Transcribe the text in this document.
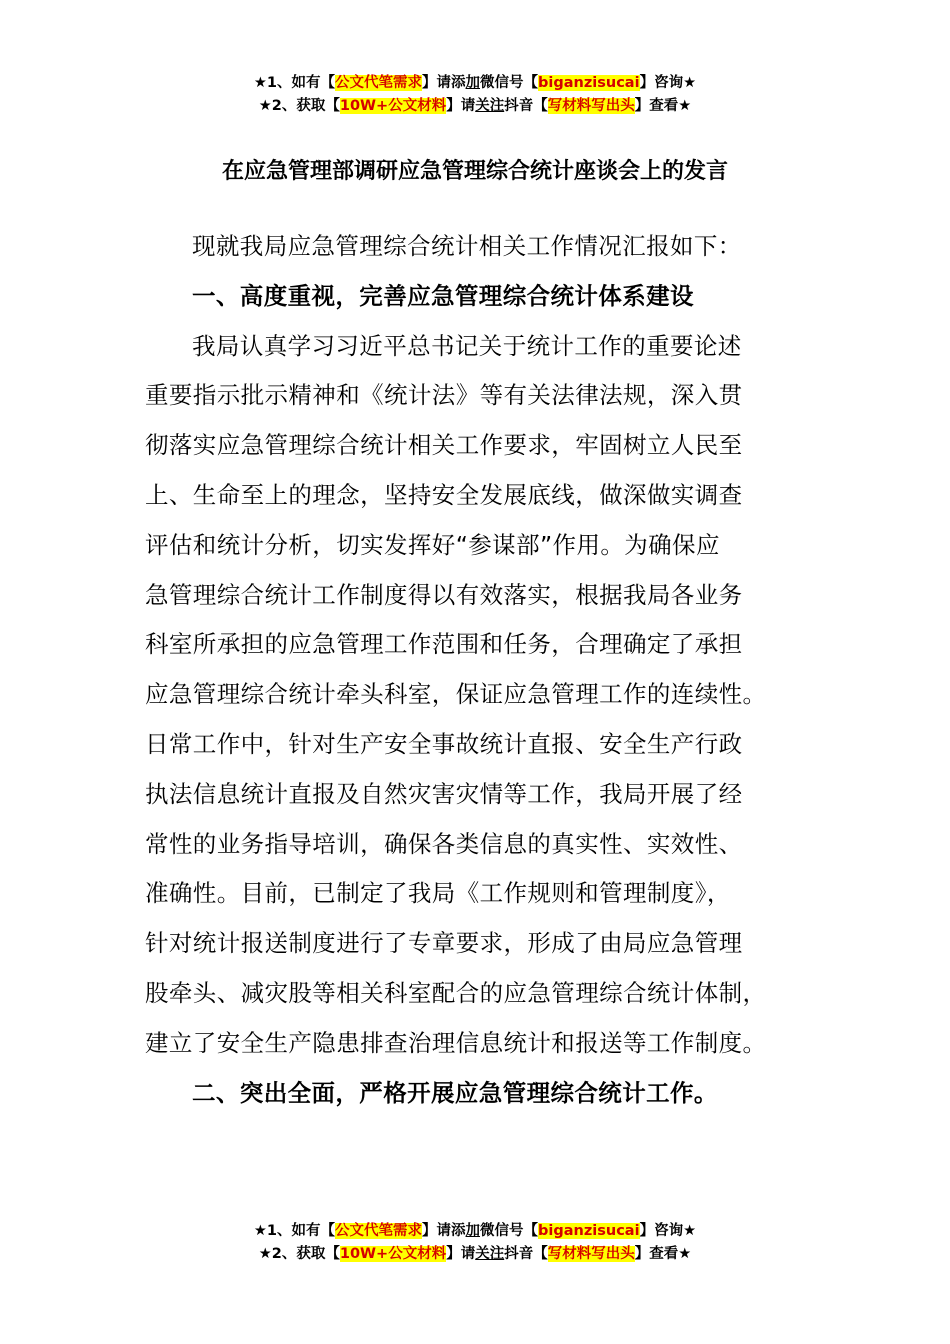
★1、如有【公文代笔需求】请添加微信号【biganzisucai】咨询★
★2、获取【10W+公文材料】请关注抖音【写材料写出头】查看★
在应急管理部调研应急管理综合统计座谈会上的发言

现就我局应急管理综合统计相关工作情况汇报如下：

一、高度重视，完善应急管理综合统计体系建设

我局认真学习习近平总书记关于统计工作的重要论述
重要指示批示精神和《统计法》等有关法律法规，深入贯
彻落实应急管理综合统计相关工作要求，牢固树立人民至
上、生命至上的理念，坚持安全发展底线，做深做实调查
评估和统计分析，切实发挥好“参谋部”作用。为确保应
急管理综合统计工作制度得以有效落实，根据我局各业务
科室所承担的应急管理工作范围和任务，合理确定了承担
应急管理综合统计牵头科室，保证应急管理工作的连续性。
日常工作中，针对生产安全事故统计直报、安全生产行政
执法信息统计直报及自然灾害灾情等工作，我局开展了经
常性的业务指导培训，确保各类信息的真实性、实效性、
准确性。目前，已制定了我局《工作规则和管理制度》，
针对统计报送制度进行了专章要求，形成了由局应急管理
股牵头、减灾股等相关科室配合的应急管理综合统计体制，
建立了安全生产隐患排查治理信息统计和报送等工作制度。

二、突出全面，严格开展应急管理综合统计工作。

★1、如有【公文代笔需求】请添加微信号【biganzisucai】咨询★
★2、获取【10W+公文材料】请关注抖音【写材料写出头】查看★
